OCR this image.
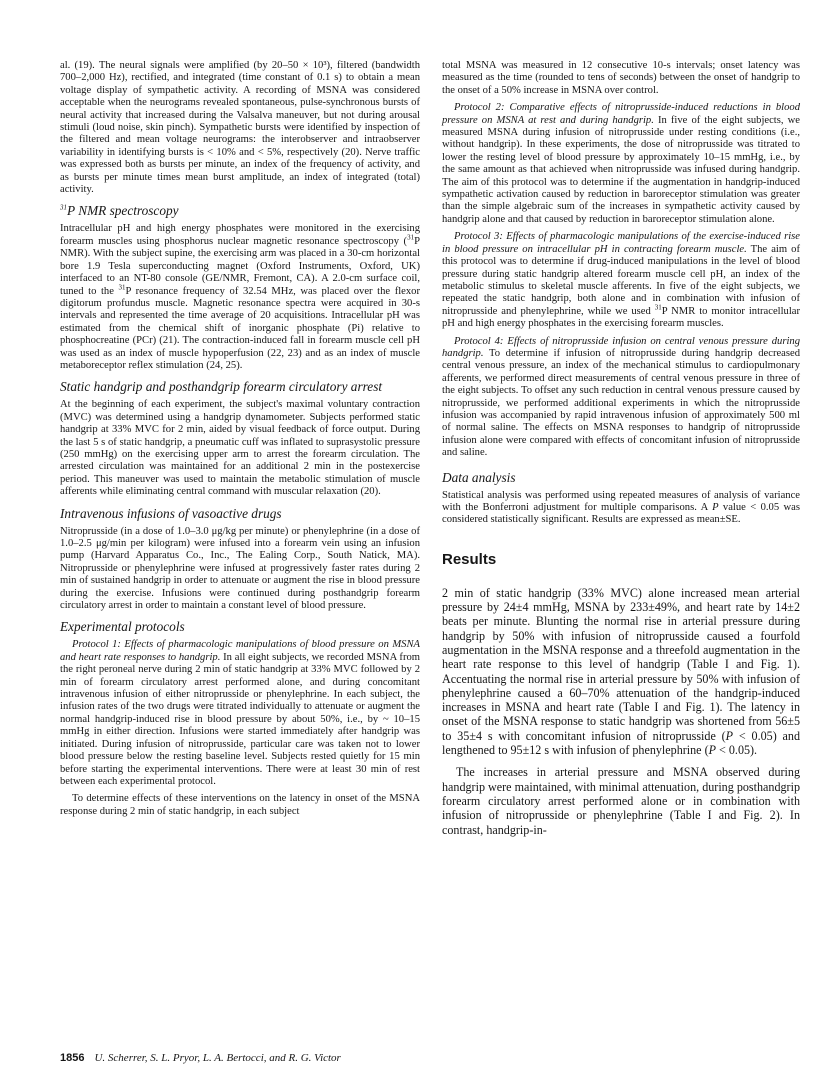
al. (19). The neural signals were amplified (by 20–50 × 10³), filtered (bandwidth 700–2,000 Hz), rectified, and integrated (time constant of 0.1 s) to obtain a mean voltage display of sympathetic activity. A recording of MSNA was considered acceptable when the neurograms revealed spontaneous, pulse-synchronous bursts of neural activity that increased during the Valsalva maneuver, but not during arousal stimuli (loud noise, skin pinch). Sympathetic bursts were identified by inspection of the filtered and mean voltage neurograms: the interobserver and intraobserver variability in identifying bursts is < 10% and < 5%, respectively (20). Nerve traffic was expressed both as bursts per minute, an index of the frequency of activity, and as bursts per minute times mean burst amplitude, an index of integrated (total) activity.

$^{31}$P NMR spectroscopy

Intracellular pH and high energy phosphates were monitored in the exercising forearm muscles using phosphorus nuclear magnetic resonance spectroscopy ($^{31}$P NMR). With the subject supine, the exercising arm was placed in a 30-cm horizontal bore 1.9 Tesla superconducting magnet (Oxford Instruments, Oxford, UK) interfaced to an NT-80 console (GE/NMR, Fremont, CA). A 2.0-cm surface coil, tuned to the $^{31}$P resonance frequency of 32.54 MHz, was placed over the flexor digitorum profundus muscle. Magnetic resonance spectra were acquired in 30-s intervals and represented the time average of 20 acquisitions. Intracellular pH was estimated from the chemical shift of inorganic phosphate (Pi) relative to phosphocreatine (PCr) (21). The contraction-induced fall in forearm muscle cell pH was used as an index of muscle hypoperfusion (22, 23) and as an index of muscle metaboreceptor reflex stimulation (24, 25).

Static handgrip and posthandgrip forearm circulatory arrest

At the beginning of each experiment, the subject's maximal voluntary contraction (MVC) was determined using a handgrip dynamometer. Subjects performed static handgrip at 33% MVC for 2 min, aided by visual feedback of force output. During the last 5 s of static handgrip, a pneumatic cuff was inflated to suprasystolic pressure (250 mmHg) on the exercising upper arm to arrest the forearm circulation. The arrested circulation was maintained for an additional 2 min in the postexercise period. This maneuver was used to maintain the metabolic stimulation of muscle afferents while eliminating central command with muscular relaxation (20).

Intravenous infusions of vasoactive drugs

Nitroprusside (in a dose of 1.0–3.0 μg/kg per minute) or phenylephrine (in a dose of 1.0–2.5 μg/min per kilogram) were infused into a forearm vein using an infusion pump (Harvard Apparatus Co., Inc., The Ealing Corp., South Natick, MA). Nitroprusside or phenylephrine were infused at progressively faster rates during 2 min of sustained handgrip in order to attenuate or augment the rise in blood pressure during the exercise. Infusions were continued during posthandgrip forearm circulatory arrest in order to maintain a constant level of blood pressure.

Experimental protocols

Protocol 1: Effects of pharmacologic manipulations of blood pressure on MSNA and heart rate responses to handgrip. In all eight subjects, we recorded MSNA from the right peroneal nerve during 2 min of static handgrip at 33% MVC followed by 2 min of forearm circulatory arrest performed alone, and during concomitant intravenous infusion of either nitroprusside or phenylephrine. In each subject, the infusion rates of the two drugs were titrated individually to attenuate or augment the normal handgrip-induced rise in blood pressure by about 50%, i.e., by ~ 10–15 mmHg in either direction. Infusions were started immediately after handgrip was initiated. During infusion of nitroprusside, particular care was taken not to lower blood pressure below the resting baseline level. Subjects rested quietly for 15 min before starting the experimental interventions. There were at least 30 min of rest between each experimental protocol.

To determine effects of these interventions on the latency in onset of the MSNA response during 2 min of static handgrip, in each subject

total MSNA was measured in 12 consecutive 10-s intervals; onset latency was measured as the time (rounded to tens of seconds) between the onset of handgrip to the onset of a 50% increase in MSNA over control.

Protocol 2: Comparative effects of nitroprusside-induced reductions in blood pressure on MSNA at rest and during handgrip. In five of the eight subjects, we measured MSNA during infusion of nitroprusside under resting conditions (i.e., without handgrip). In these experiments, the dose of nitroprusside was titrated to lower the resting level of blood pressure by approximately 10–15 mmHg, i.e., by the same amount as that achieved when nitroprusside was infused during handgrip. The aim of this protocol was to determine if the augmentation in handgrip-induced sympathetic activation caused by reduction in baroreceptor stimulation was greater than the simple algebraic sum of the increases in sympathetic activity caused by handgrip alone and that caused by reduction in baroreceptor stimulation alone.

Protocol 3: Effects of pharmacologic manipulations of the exercise-induced rise in blood pressure on intracellular pH in contracting forearm muscle. The aim of this protocol was to determine if drug-induced manipulations in the level of blood pressure during static handgrip altered forearm muscle cell pH, an index of the metabolic stimulus to skeletal muscle afferents. In five of the eight subjects, we repeated the static handgrip, both alone and in combination with infusion of nitroprusside and phenylephrine, while we used $^{31}$P NMR to monitor intracellular pH and high energy phosphates in the exercising forearm muscles.

Protocol 4: Effects of nitroprusside infusion on central venous pressure during handgrip. To determine if infusion of nitroprusside during handgrip decreased central venous pressure, an index of the mechanical stimulus to cardiopulmonary afferents, we performed direct measurements of central venous pressure in three of the eight subjects. To offset any such reduction in central venous pressure caused by nitroprusside, we performed additional experiments in which the nitroprusside infusion was accompanied by rapid intravenous infusion of approximately 500 ml of normal saline. The effects on MSNA responses to handgrip of nitroprusside infusion alone were compared with effects of concomitant infusion of nitroprusside and saline.

Data analysis

Statistical analysis was performed using repeated measures of analysis of variance with the Bonferroni adjustment for multiple comparisons. A P value < 0.05 was considered statistically significant. Results are expressed as mean±SE.

Results

2 min of static handgrip (33% MVC) alone increased mean arterial pressure by 24±4 mmHg, MSNA by 233±49%, and heart rate by 14±2 beats per minute. Blunting the normal rise in arterial pressure during handgrip by 50% with infusion of nitroprusside caused a fourfold augmentation in the MSNA response and a threefold augmentation in the heart rate response to this level of handgrip (Table I and Fig. 1). Accentuating the normal rise in arterial pressure by 50% with infusion of phenylephrine caused a 60–70% attenuation of the handgrip-induced increases in MSNA and heart rate (Table I and Fig. 1). The latency in onset of the MSNA response to static handgrip was shortened from 56±5 to 35±4 s with concomitant infusion of nitroprusside (P < 0.05) and lengthened to 95±12 s with infusion of phenylephrine (P < 0.05).

The increases in arterial pressure and MSNA observed during handgrip were maintained, with minimal attenuation, during posthandgrip forearm circulatory arrest performed alone or in combination with infusion of nitroprusside or phenylephrine (Table I and Fig. 2). In contrast, handgrip-in-

1856 U. Scherrer, S. L. Pryor, L. A. Bertocci, and R. G. Victor
